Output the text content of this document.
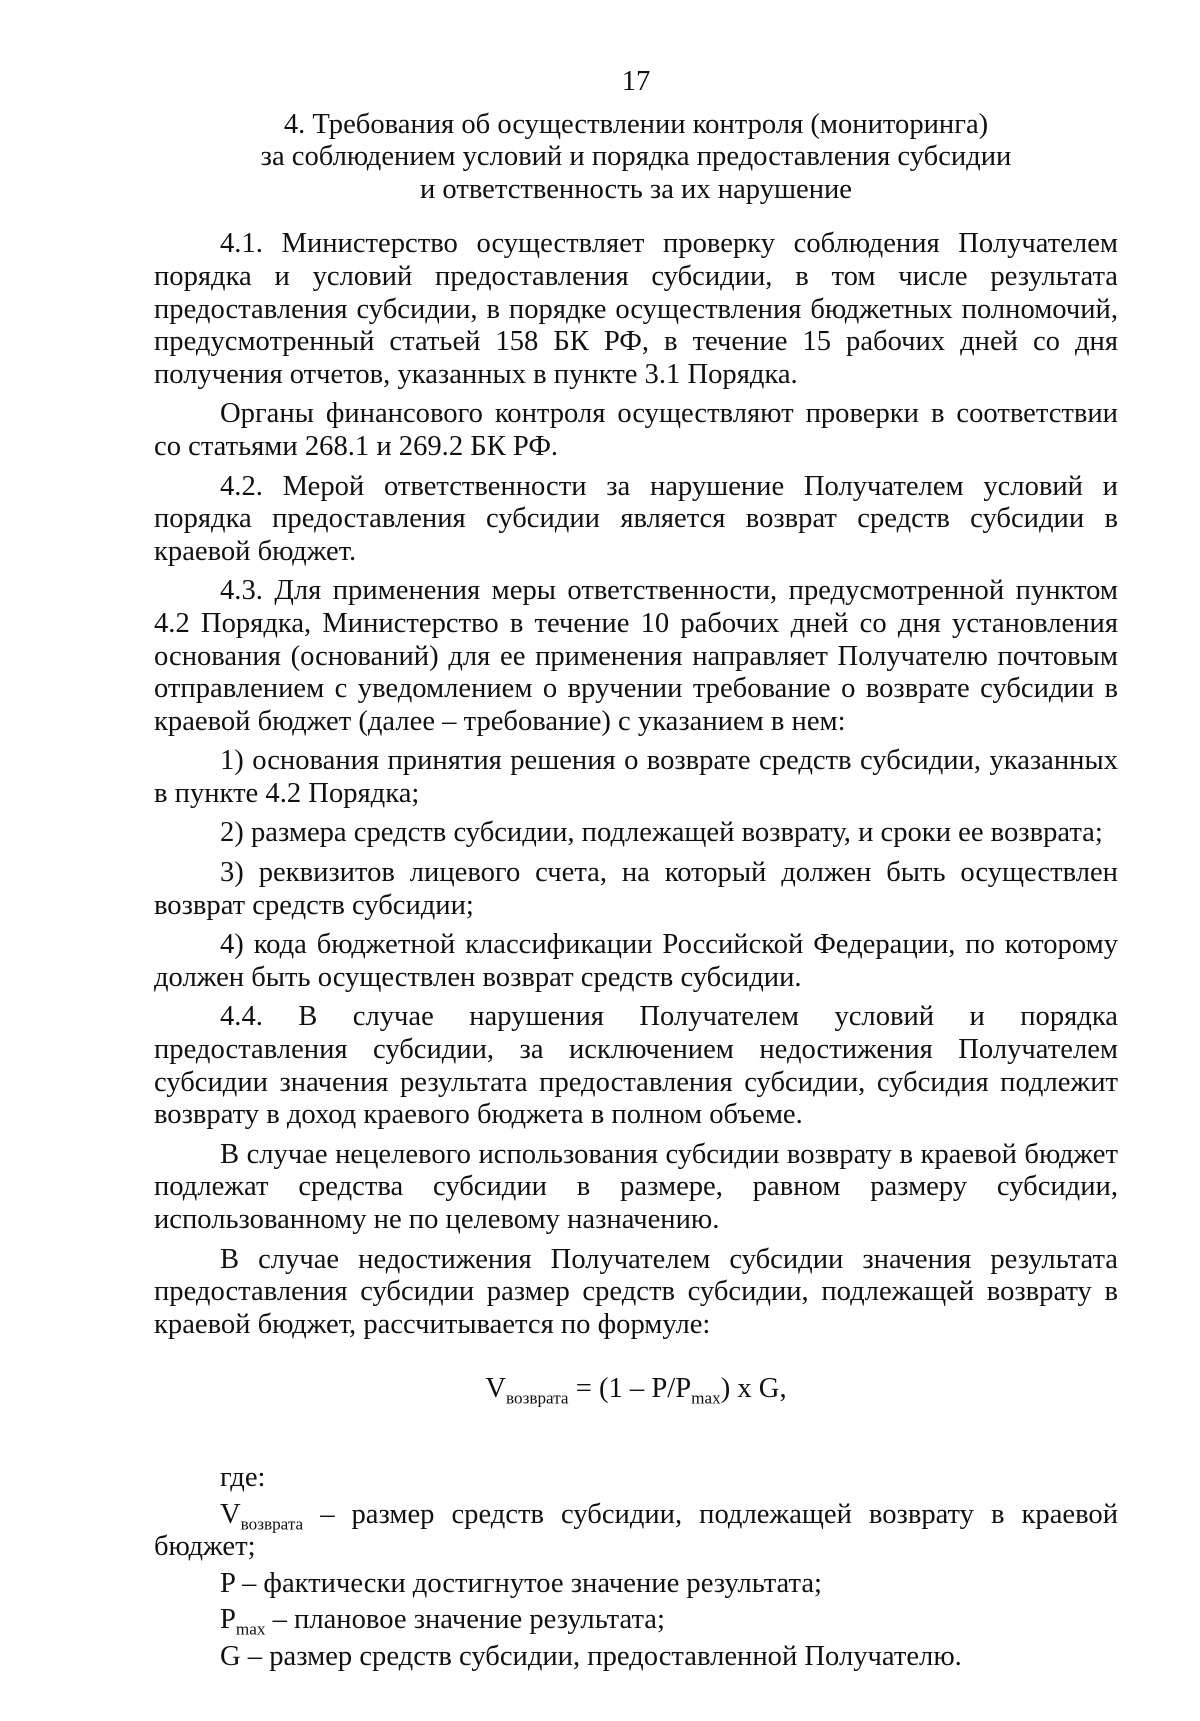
17
4. Требования об осуществлении контроля (мониторинга)
за соблюдением условий и порядка предоставления субсидии
и ответственность за их нарушение

4.1. Министерство осуществляет проверку соблюдения Получателем порядка и условий предоставления субсидии, в том числе результата предоставления субсидии, в порядке осуществления бюджетных полномочий, предусмотренный статьей 158 БК РФ, в течение 15 рабочих дней со дня получения отчетов, указанных в пункте 3.1 Порядка.

Органы финансового контроля осуществляют проверки в соответствии со статьями 268.1 и 269.2 БК РФ.

4.2. Мерой ответственности за нарушение Получателем условий и порядка предоставления субсидии является возврат средств субсидии в краевой бюджет.

4.3. Для применения меры ответственности, предусмотренной пунктом 4.2 Порядка, Министерство в течение 10 рабочих дней со дня установления основания (оснований) для ее применения направляет Получателю почтовым отправлением с уведомлением о вручении требование о возврате субсидии в краевой бюджет (далее – требование) с указанием в нем:

1) основания принятия решения о возврате средств субсидии, указанных в пункте 4.2 Порядка;

2) размера средств субсидии, подлежащей возврату, и сроки ее возврата;

3) реквизитов лицевого счета, на который должен быть осуществлен возврат средств субсидии;

4) кода бюджетной классификации Российской Федерации, по которому должен быть осуществлен возврат средств субсидии.

4.4. В случае нарушения Получателем условий и порядка предоставления субсидии, за исключением недостижения Получателем субсидии значения результата предоставления субсидии, субсидия подлежит возврату в доход краевого бюджета в полном объеме.

В случае нецелевого использования субсидии возврату в краевой бюджет подлежат средства субсидии в размере, равном размеру субсидии, использованному не по целевому назначению.

В случае недостижения Получателем субсидии значения результата предоставления субсидии размер средств субсидии, подлежащей возврату в краевой бюджет, рассчитывается по формуле:

$V_{возврата} = (1 - P/P_{max})$ x G,

где:

$V_{возврата}$ – размер средств субсидии, подлежащей возврату в краевой бюджет;

P – фактически достигнутое значение результата;

$P_{max}$ – плановое значение результата;

G – размер средств субсидии, предоставленной Получателю.
